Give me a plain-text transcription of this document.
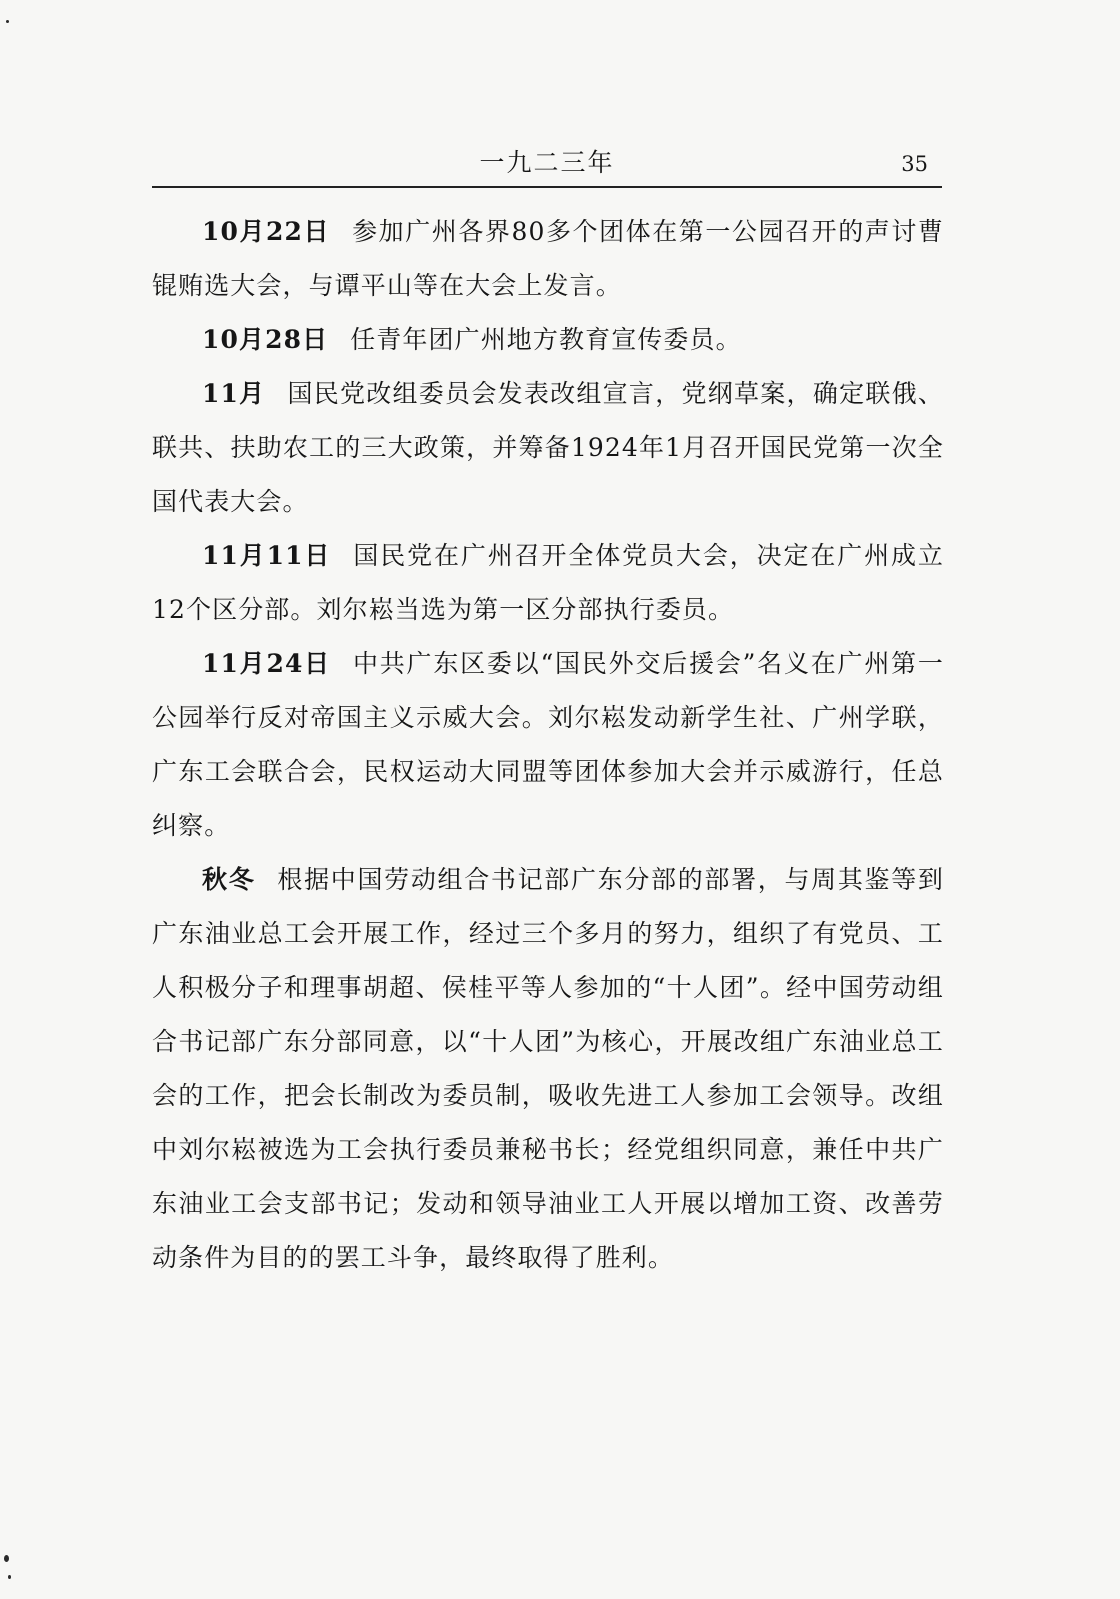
一九二三年	35

10月22日 参加广州各界80多个团体在第一公园召开的声讨曹锟贿选大会，与谭平山等在大会上发言。

10月28日 任青年团广州地方教育宣传委员。

11月 国民党改组委员会发表改组宣言，党纲草案，确定联俄、联共、扶助农工的三大政策，并筹备1924年1月召开国民党第一次全国代表大会。

11月11日 国民党在广州召开全体党员大会，决定在广州成立12个区分部。刘尔崧当选为第一区分部执行委员。

11月24日 中共广东区委以“国民外交后援会”名义在广州第一公园举行反对帝国主义示威大会。刘尔崧发动新学生社、广州学联，广东工会联合会，民权运动大同盟等团体参加大会并示威游行，任总纠察。

秋冬 根据中国劳动组合书记部广东分部的部署，与周其鉴等到广东油业总工会开展工作，经过三个多月的努力，组织了有党员、工人积极分子和理事胡超、侯桂平等人参加的“十人团”。经中国劳动组合书记部广东分部同意，以“十人团”为核心，开展改组广东油业总工会的工作，把会长制改为委员制，吸收先进工人参加工会领导。改组中刘尔崧被选为工会执行委员兼秘书长；经党组织同意，兼任中共广东油业工会支部书记；发动和领导油业工人开展以增加工资、改善劳动条件为目的的罢工斗争，最终取得了胜利。
